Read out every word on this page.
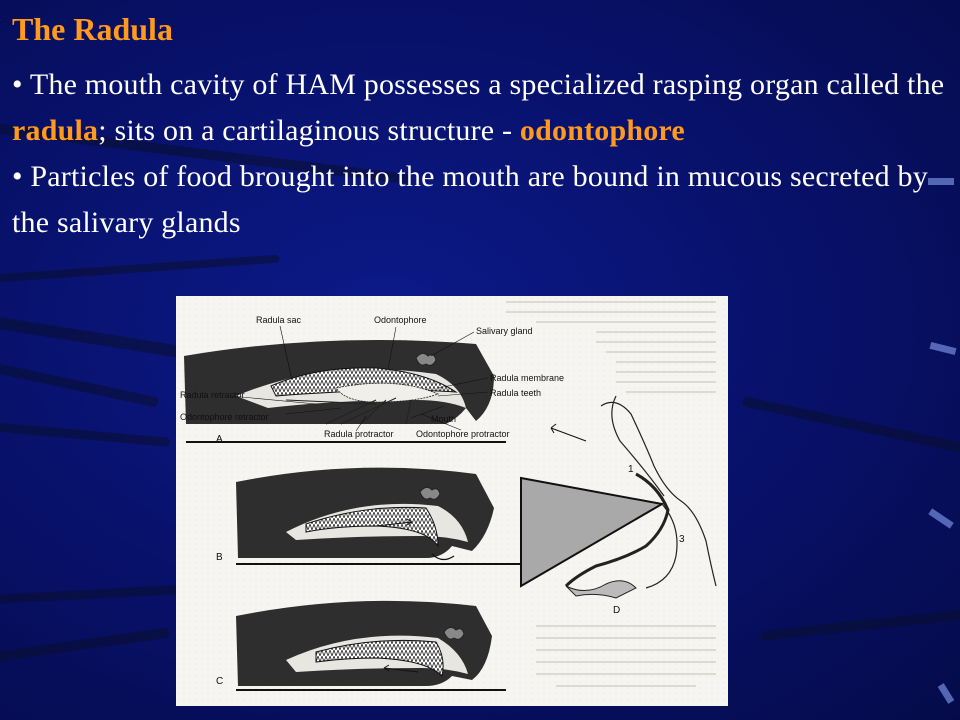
The Radula

• The mouth cavity of HAM possesses a specialized rasping organ called the radula; sits on a cartilaginous structure - odontophore

• Particles of food brought into the mouth are bound in mucous secreted by the salivary glands

Radula sac	Odontophore
Salivary gland
Radula membrane
Radula teeth
Radula retractor
Odontophore retractor	Mouth
Radula protractor Odontophore protractor
A
B
C
1
3
D
